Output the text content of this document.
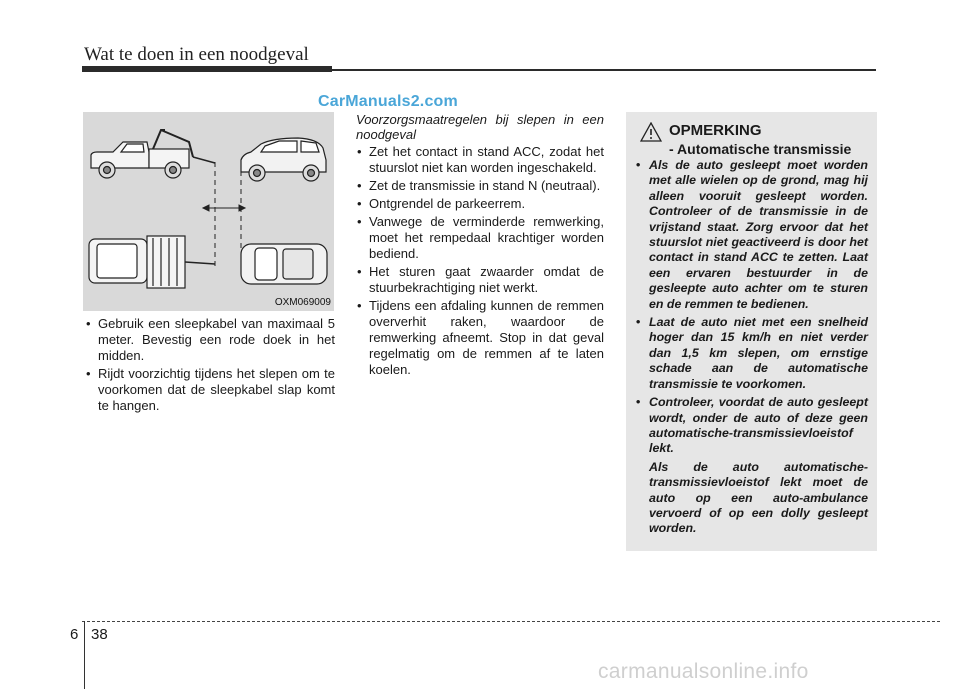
Wat te doen in een noodgeval
CarManuals2.com
OXM069009
• Gebruik een sleepkabel van maximaal 5 meter. Bevestig een rode doek in het midden.
• Rijdt voorzichtig tijdens het slepen om te voorkomen dat de sleepkabel slap komt te hangen.
Voorzorgsmaatregelen bij slepen in een noodgeval
• Zet het contact in stand ACC, zodat het stuurslot niet kan worden ingeschakeld.
• Zet de transmissie in stand N (neutraal).
• Ontgrendel de parkeerrem.
• Vanwege de verminderde remwerking, moet het rempedaal krachtiger worden bediend.
• Het sturen gaat zwaarder omdat de stuurbekrachtiging niet werkt.
• Tijdens een afdaling kunnen de remmen oververhit raken, waardoor de remwerking afneemt. Stop in dat geval regelmatig om de remmen af te laten koelen.
OPMERKING
- Automatische transmissie
• Als de auto gesleept moet worden met alle wielen op de grond, mag hij alleen vooruit gesleept worden. Controleer of de transmissie in de vrijstand staat. Zorg ervoor dat het stuurslot niet geactiveerd is door het contact in stand ACC te zetten. Laat een ervaren bestuurder in de gesleepte auto achter om te sturen en de remmen te bedienen.
• Laat de auto niet met een snelheid hoger dan 15 km/h en niet verder dan 1,5 km slepen, om ernstige schade aan de automatische transmissie te voorkomen.
• Controleer, voordat de auto gesleept wordt, onder de auto of deze geen automatische-transmissievloeistof lekt.
Als de auto automatische-transmissievloeistof lekt moet de auto op een auto-ambulance vervoerd of op een dolly gesleept worden.
6 38
carmanualsonline.info
